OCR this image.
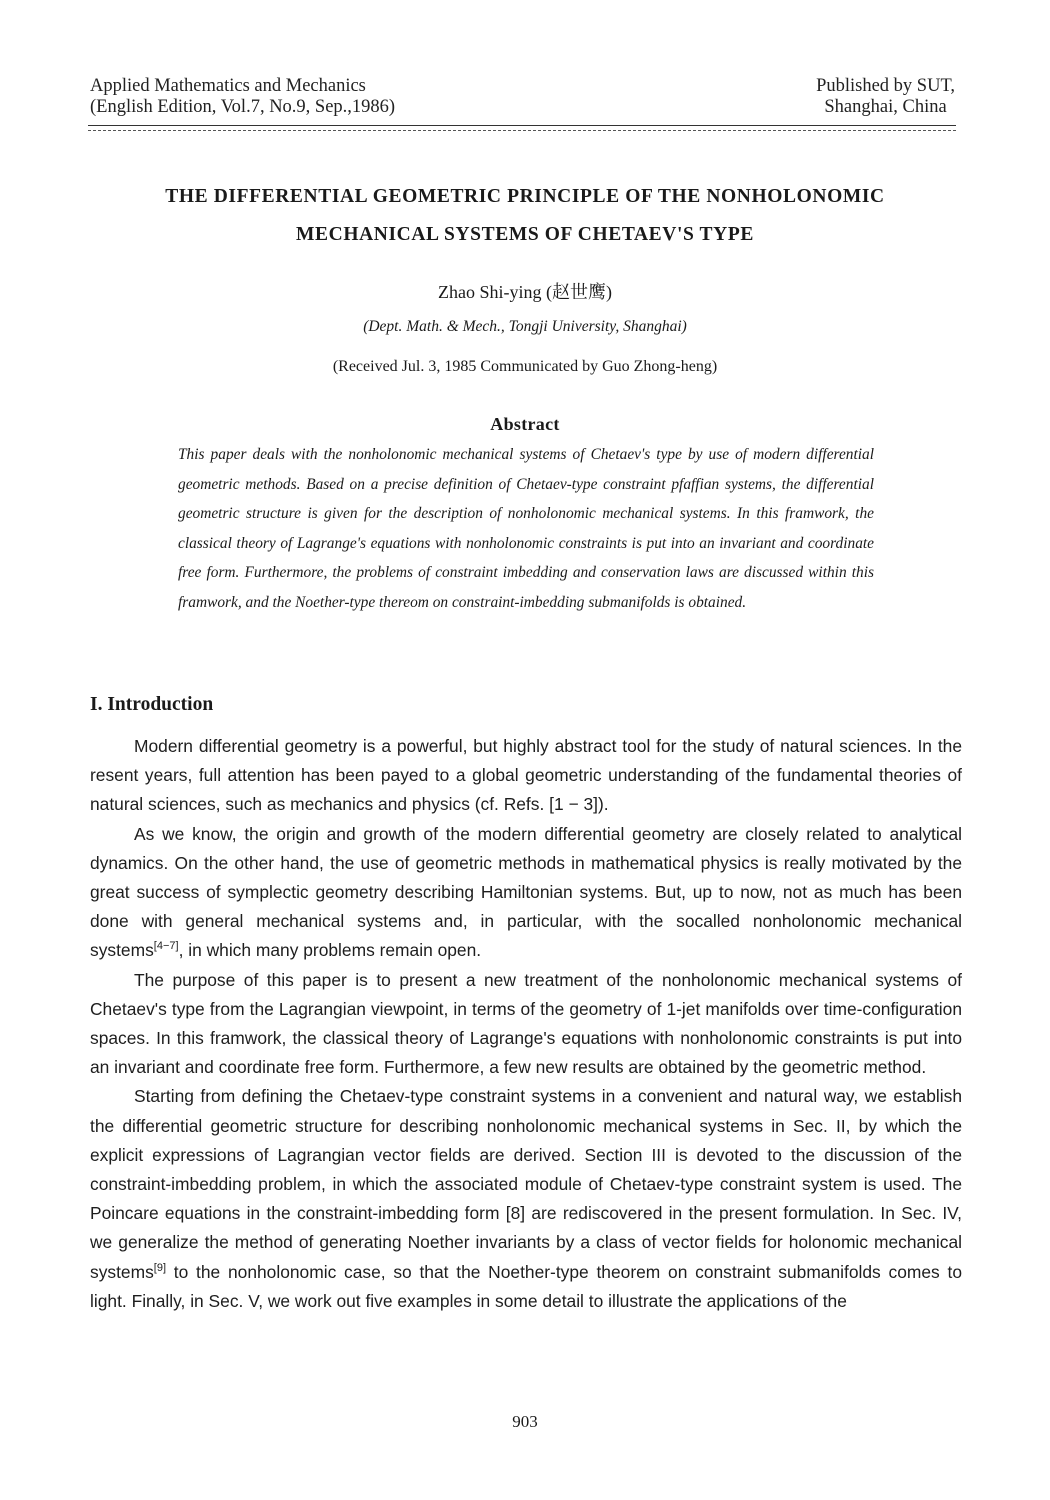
Applied Mathematics and Mechanics
(English Edition, Vol.7, No.9, Sep.,1986)
Published by SUT,
Shanghai, China
THE DIFFERENTIAL GEOMETRIC PRINCIPLE OF THE NONHOLONOMIC
MECHANICAL SYSTEMS OF CHETAEV'S TYPE
Zhao Shi-ying (赵世鹰)
(Dept. Math. & Mech., Tongji University, Shanghai)
(Received Jul. 3, 1985 Communicated by Guo Zhong-heng)
Abstract
This paper deals with the nonholonomic mechanical systems of Chetaev's type by use of modern differential geometric methods. Based on a precise definition of Chetaev-type constraint pfaffian systems, the differential geometric structure is given for the description of nonholonomic mechanical systems. In this framwork, the classical theory of Lagrange's equations with nonholonomic constraints is put into an invariant and coordinate free form. Furthermore, the problems of constraint imbedding and conservation laws are discussed within this framwork, and the Noether-type thereom on constraint-imbedding submanifolds is obtained.
I. Introduction

Modern differential geometry is a powerful, but highly abstract tool for the study of natural sciences. In the resent years, full attention has been payed to a global geometric understanding of the fundamental theories of natural sciences, such as mechanics and physics (cf. Refs. [1 − 3]).

As we know, the origin and growth of the modern differential geometry are closely related to analytical dynamics. On the other hand, the use of geometric methods in mathematical physics is really motivated by the great success of symplectic geometry describing Hamiltonian systems. But, up to now, not as much has been done with general mechanical systems and, in particular, with the socalled nonholonomic mechanical systems[4−7], in which many problems remain open.

The purpose of this paper is to present a new treatment of the nonholonomic mechanical systems of Chetaev's type from the Lagrangian viewpoint, in terms of the geometry of 1-jet manifolds over time-configuration spaces. In this framwork, the classical theory of Lagrange's equations with nonholonomic constraints is put into an invariant and coordinate free form. Furthermore, a few new results are obtained by the geometric method.

Starting from defining the Chetaev-type constraint systems in a convenient and natural way, we establish the differential geometric structure for describing nonholonomic mechanical systems in Sec. II, by which the explicit expressions of Lagrangian vector fields are derived. Section III is devoted to the discussion of the constraint-imbedding problem, in which the associated module of Chetaev-type constraint system is used. The Poincare equations in the constraint-imbedding form [8] are rediscovered in the present formulation. In Sec. IV, we generalize the method of generating Noether invariants by a class of vector fields for holonomic mechanical systems[9] to the nonholonomic case, so that the Noether-type theorem on constraint submanifolds comes to light. Finally, in Sec. V, we work out five examples in some detail to illustrate the applications of the

903
